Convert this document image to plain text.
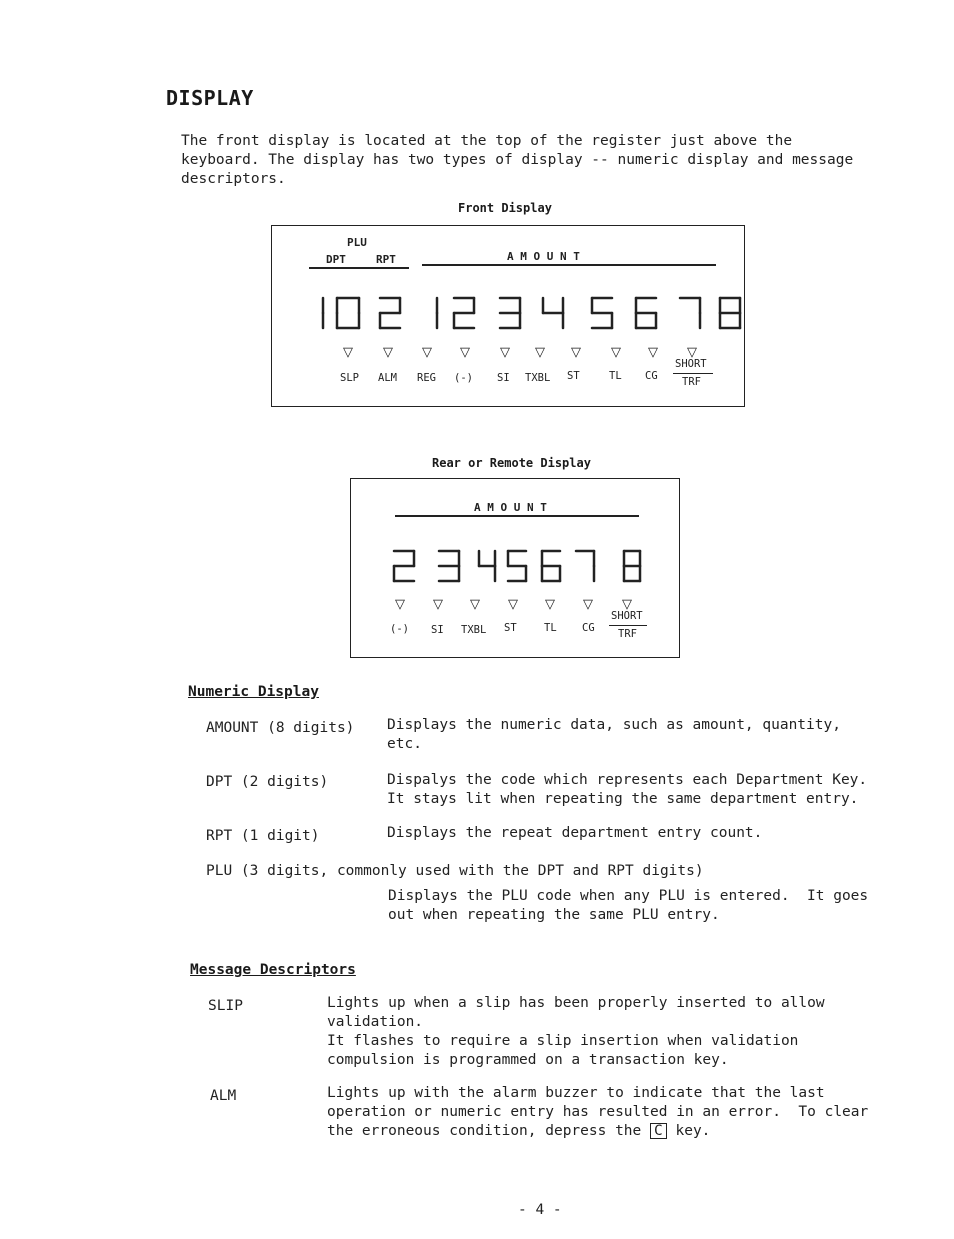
DISPLAY
The front display is located at the top of the register just above the
keyboard. The display has two types of display -- numeric display and message
descriptors.
Front Display
PLU
DPT	RPT	A M O U N T
▽
SLP
▽
ALM
▽
REG
▽
(-)
▽
SI
▽
TXBL
▽
ST
▽
TL
▽
CG
▽
SHORT
TRF
Rear or Remote Display
A M O U N T
▽
(-)
▽
SI
▽
TXBL
▽
ST
▽
TL
▽
CG
▽
SHORT
TRF
Numeric Display
AMOUNT (8 digits) Displays the numeric data, such as amount, quantity,
etc.
DPT (2 digits)	Dispalys the code which represents each Department Key.
It stays lit when repeating the same department entry.
RPT (1 digit)	Displays the repeat department entry count.
PLU (3 digits, commonly used with the DPT and RPT digits)
Displays the PLU code when any PLU is entered.  It goes
out when repeating the same PLU entry.
Message Descriptors
SLIP	Lights up when a slip has been properly inserted to allow
validation.
It flashes to require a slip insertion when validation
compulsion is programmed on a transaction key.
ALM	Lights up with the alarm buzzer to indicate that the last
operation or numeric entry has resulted in an error.  To clear
the erroneous condition, depress the C key.
- 4 -
